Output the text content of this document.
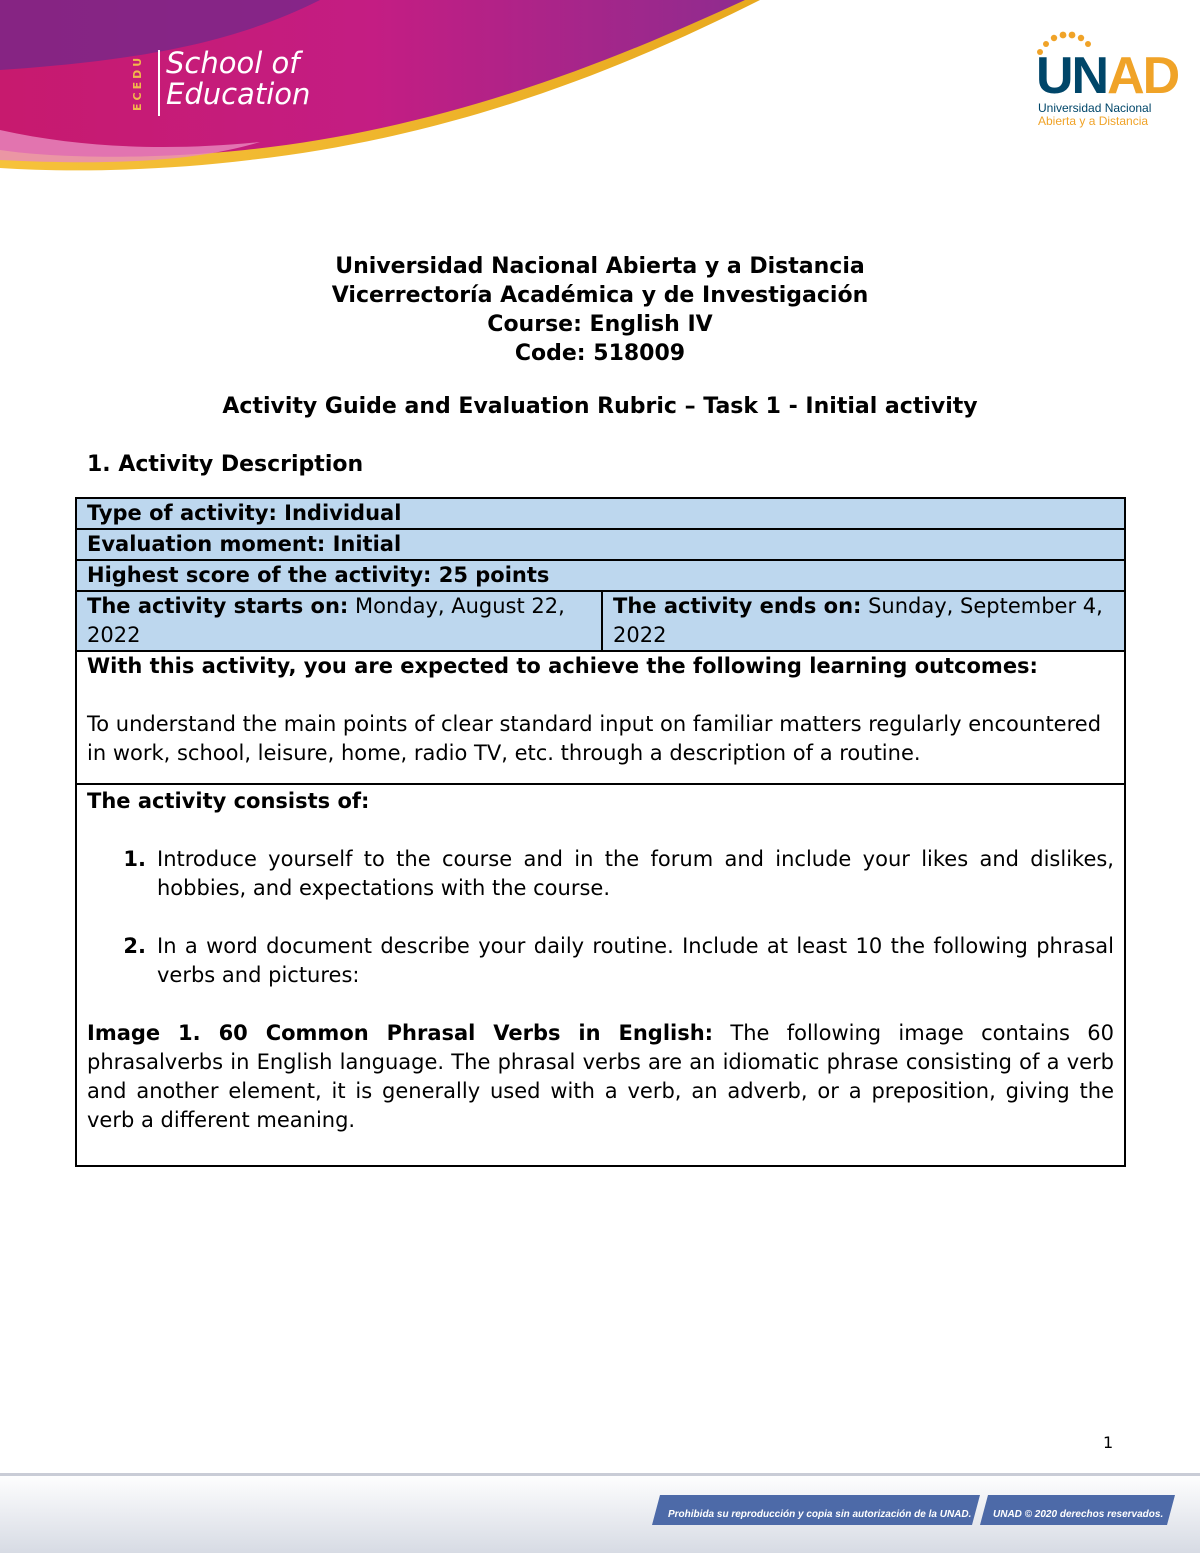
ECEDU School of
Education	UNAD
Universidad Nacional
Abierta y a Distancia
Universidad Nacional Abierta y a Distancia
Vicerrectoría Académica y de Investigación
Course: English IV
Code: 518009
Activity Guide and Evaluation Rubric – Task 1 - Initial activity
1. Activity Description
Type of activity: Individual
Evaluation moment: Initial
Highest score of the activity: 25 points
The activity starts on: Monday, August 22, 2022	The activity ends on: Sunday, September 4, 2022

With this activity, you are expected to achieve the following learning outcomes:
To understand the main points of clear standard input on familiar matters regularly encountered in work, school, leisure, home, radio TV, etc. through a description of a routine.

The activity consists of:
1. Introduce yourself to the course and in the forum and include your likes and dislikes, hobbies, and expectations with the course.
2. In a word document describe your daily routine. Include at least 10 the following phrasal verbs and pictures:
Image 1. 60 Common Phrasal Verbs in English: The following image contains 60 phrasalverbs in English language. The phrasal verbs are an idiomatic phrase consisting of a verb and another element, it is generally used with a verb, an adverb, or a preposition, giving the verb a different meaning.
1
Prohibida su reproducción y copia sin autorización de la UNAD. UNAD © 2020 derechos reservados.
